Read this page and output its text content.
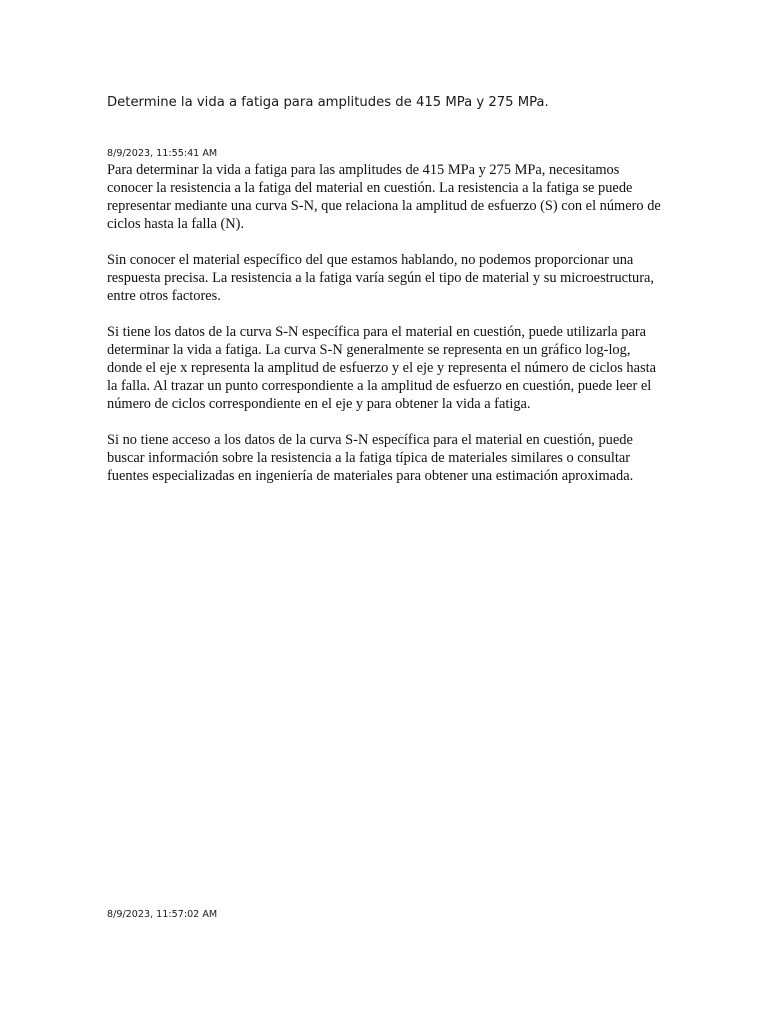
Determine la vida a fatiga para amplitudes de 415 MPa y 275 MPa.
8/9/2023, 11:55:41 AM

Para determinar la vida a fatiga para las amplitudes de 415 MPa y 275 MPa, necesitamos conocer la resistencia a la fatiga del material en cuestión. La resistencia a la fatiga se puede representar mediante una curva S-N, que relaciona la amplitud de esfuerzo (S) con el número de ciclos hasta la falla (N).

Sin conocer el material específico del que estamos hablando, no podemos proporcionar una respuesta precisa. La resistencia a la fatiga varía según el tipo de material y su microestructura, entre otros factores.

Si tiene los datos de la curva S-N específica para el material en cuestión, puede utilizarla para determinar la vida a fatiga. La curva S-N generalmente se representa en un gráfico log-log, donde el eje x representa la amplitud de esfuerzo y el eje y representa el número de ciclos hasta la falla. Al trazar un punto correspondiente a la amplitud de esfuerzo en cuestión, puede leer el número de ciclos correspondiente en el eje y para obtener la vida a fatiga.

Si no tiene acceso a los datos de la curva S-N específica para el material en cuestión, puede buscar información sobre la resistencia a la fatiga típica de materiales similares o consultar fuentes especializadas en ingeniería de materiales para obtener una estimación aproximada.

8/9/2023, 11:57:02 AM
